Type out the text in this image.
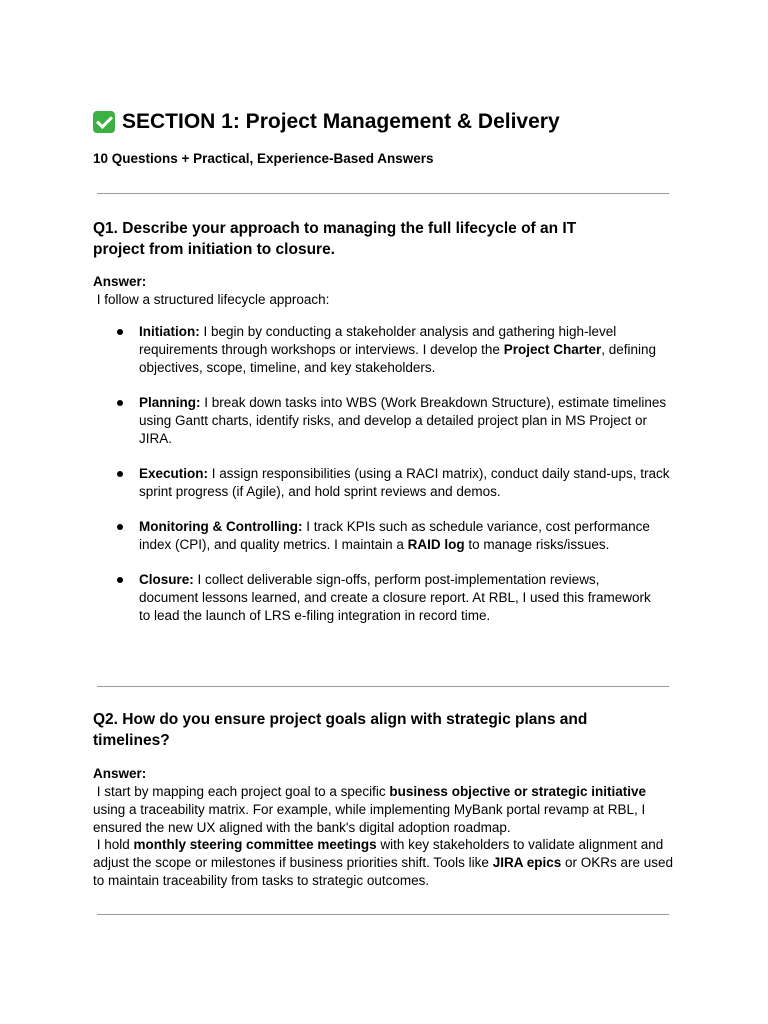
SECTION 1: Project Management & Delivery
10 Questions + Practical, Experience-Based Answers
Q1. Describe your approach to managing the full lifecycle of an IT
project from initiation to closure.
Answer:
I follow a structured lifecycle approach:
Initiation: I begin by conducting a stakeholder analysis and gathering high-level requirements through workshops or interviews. I develop the Project Charter, defining objectives, scope, timeline, and key stakeholders.
Planning: I break down tasks into WBS (Work Breakdown Structure), estimate timelines using Gantt charts, identify risks, and develop a detailed project plan in MS Project or JIRA.
Execution: I assign responsibilities (using a RACI matrix), conduct daily stand-ups, track sprint progress (if Agile), and hold sprint reviews and demos.
Monitoring & Controlling: I track KPIs such as schedule variance, cost performance index (CPI), and quality metrics. I maintain a RAID log to manage risks/issues.
Closure: I collect deliverable sign-offs, perform post-implementation reviews, document lessons learned, and create a closure report. At RBL, I used this framework to lead the launch of LRS e-filing integration in record time.
Q2. How do you ensure project goals align with strategic plans and
timelines?
Answer:
I start by mapping each project goal to a specific business objective or strategic initiative using a traceability matrix. For example, while implementing MyBank portal revamp at RBL, I ensured the new UX aligned with the bank's digital adoption roadmap.
I hold monthly steering committee meetings with key stakeholders to validate alignment and adjust the scope or milestones if business priorities shift. Tools like JIRA epics or OKRs are used to maintain traceability from tasks to strategic outcomes.
